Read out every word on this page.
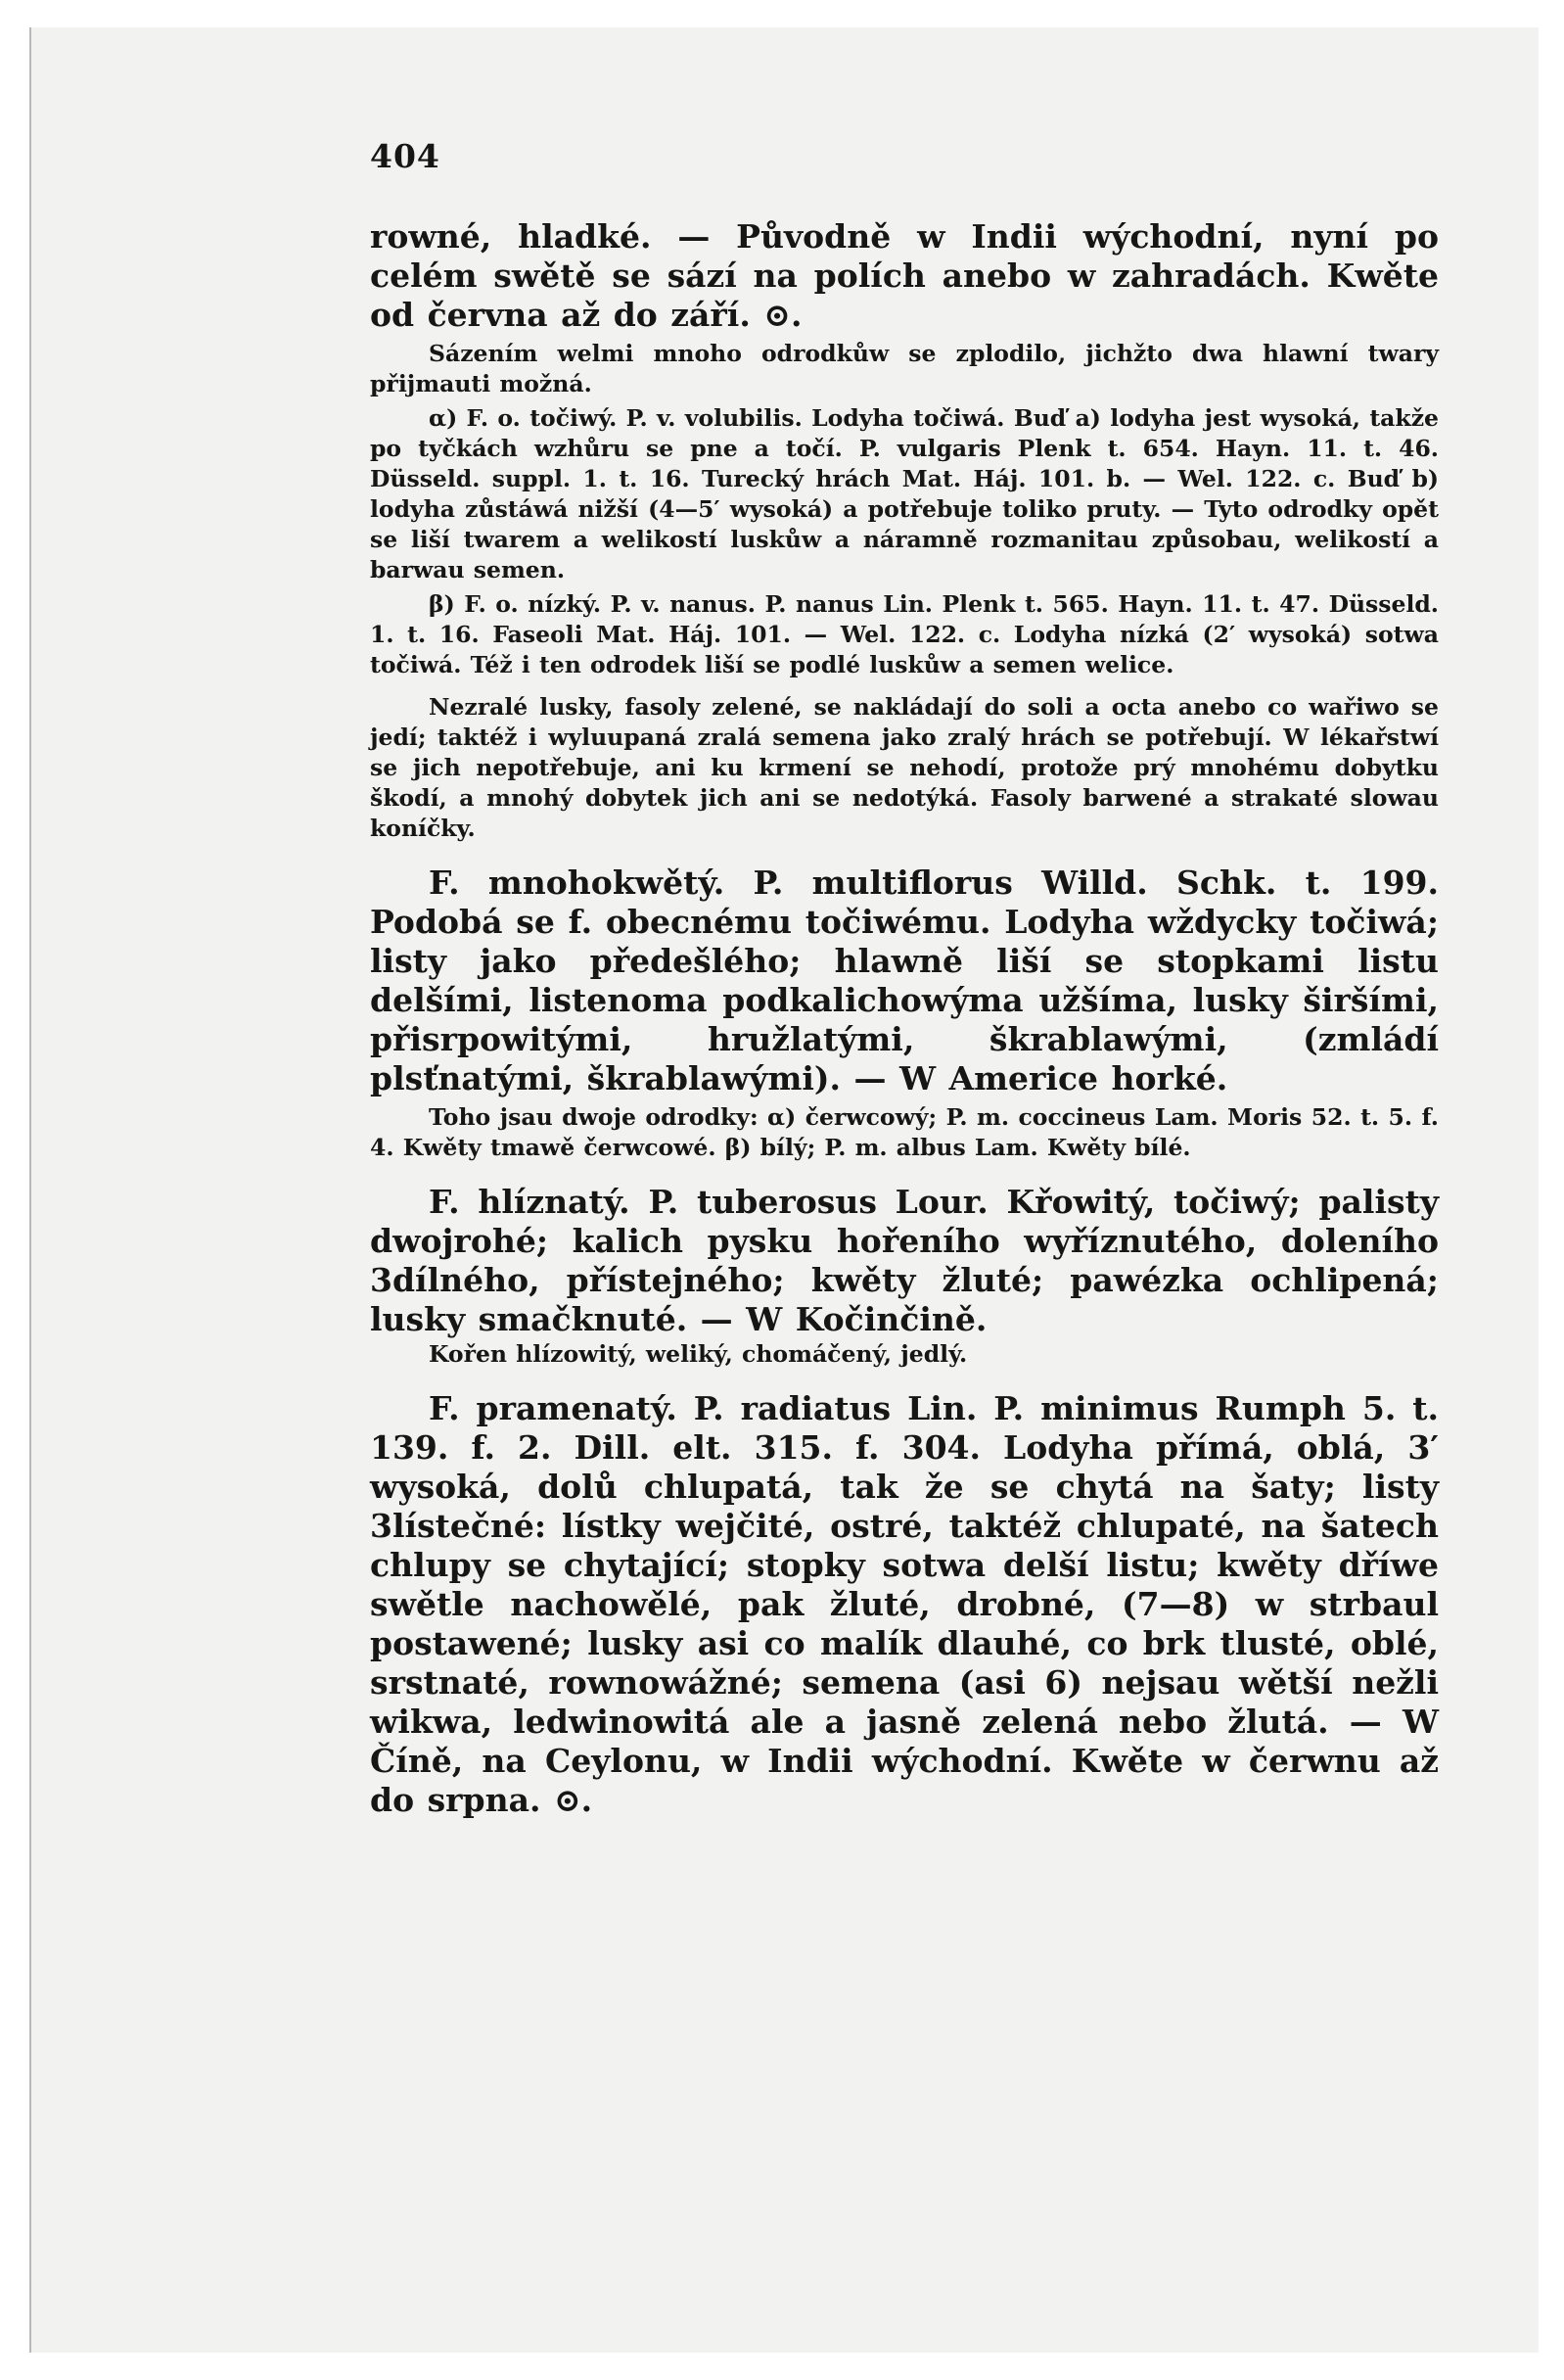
404

rowné, hladké. — Původně w Indii wýchodní, nyní po celém swětě se sází na polích anebo w zahradách. Kwěte od června až do září. ⊙.

Sázením welmi mnoho odrodkůw se zplodilo, jichžto dwa hlawní twary přijmauti možná.

α) F. o. točiwý. P. v. volubilis. Lodyha točiwá. Buď a) lodyha jest wysoká, takže po tyčkách wzhůru se pne a točí. P. vulgaris Plenk t. 654. Hayn. 11. t. 46. Düsseld. suppl. 1. t. 16. Turecký hrách Mat. Háj. 101. b. — Wel. 122. c. Buď b) lodyha zůstáwá nižší (4—5′ wysoká) a potřebuje toliko pruty. — Tyto odrodky opět se liší twarem a welikostí luskůw a náramně rozmanitau způsobau, welikostí a barwau semen.

β) F. o. nízký. P. v. nanus. P. nanus Lin. Plenk t. 565. Hayn. 11. t. 47. Düsseld. 1. t. 16. Faseoli Mat. Háj. 101. — Wel. 122. c. Lodyha nízká (2′ wysoká) sotwa točiwá. Též i ten odrodek liší se podlé luskůw a semen welice.

Nezralé lusky, fasoly zelené, se nakládají do soli a octa anebo co wařiwo se jedí; taktéž i wyluupaná zralá semena jako zralý hrách se potřebují. W lékařstwí se jich nepotřebuje, ani ku krmení se nehodí, protože prý mnohému dobytku škodí, a mnohý dobytek jich ani se nedotýká. Fasoly barwené a strakaté slowau koníčky.

F. mnohokwětý. P. multiflorus Willd. Schk. t. 199. Podobá se f. obecnému točiwému. Lodyha wždycky točiwá; listy jako předešlého; hlawně liší se stopkami listu delšími, listenoma podkalichowýma užšíma, lusky širšími, přisrpowitými, hružlatými, škrablawými, (zmládí plsťnatými, škrablawými). — W Americe horké.

Toho jsau dwoje odrodky: α) čerwcowý; P. m. coccineus Lam. Moris 52. t. 5. f. 4. Kwěty tmawě čerwcowé. β) bílý; P. m. albus Lam. Kwěty bílé.

F. hlíznatý. P. tuberosus Lour. Křowitý, točiwý; palisty dwojrohé; kalich pysku hořeního wyříznutého, doleního 3dílného, přístejného; kwěty žluté; pawézka ochlipená; lusky smačknuté. — W Kočinčině.

Kořen hlízowitý, weliký, chomáčený, jedlý.

F. pramenatý. P. radiatus Lin. P. minimus Rumph 5. t. 139. f. 2. Dill. elt. 315. f. 304. Lodyha přímá, oblá, 3′ wysoká, dolů chlupatá, tak že se chytá na šaty; listy 3lístečné: lístky wejčité, ostré, taktéž chlupaté, na šatech chlupy se chytající; stopky sotwa delší listu; kwěty dříwe swětle nachowělé, pak žluté, drobné, (7—8) w strbaul postawené; lusky asi co malík dlauhé, co brk tlusté, oblé, srstnaté, rownowážné; semena (asi 6) nejsau wětší nežli wikwa, ledwinowitá ale a jasně zelená nebo žlutá. — W Číně, na Ceylonu, w Indii wýchodní. Kwěte w čerwnu až do srpna. ⊙.
